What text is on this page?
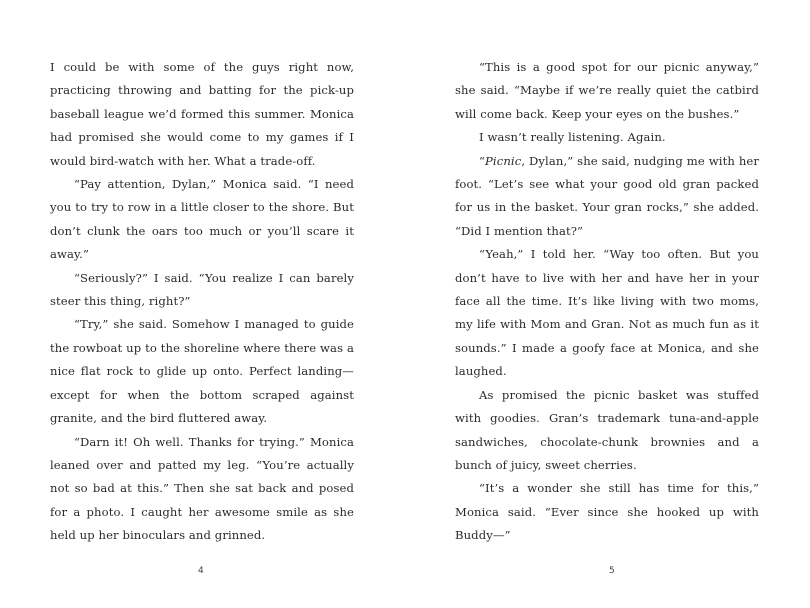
I could be with some of the guys right now, practicing throwing and batting for the pick-up baseball league we’d formed this summer. Monica had promised she would come to my games if I would bird-watch with her. What a trade-off.

“Pay attention, Dylan,” Monica said. “I need you to try to row in a little closer to the shore. But don’t clunk the oars too much or you’ll scare it away.”

“Seriously?” I said. “You realize I can barely steer this thing, right?”

“Try,” she said. Somehow I managed to guide the rowboat up to the shoreline where there was a nice flat rock to glide up onto. Perfect landing—except for when the bottom scraped against granite, and the bird fluttered away.

“Darn it! Oh well. Thanks for trying.” Monica leaned over and patted my leg. “You’re actually not so bad at this.” Then she sat back and posed for a photo. I caught her awesome smile as she held up her binoculars and grinned.

4

“This is a good spot for our picnic anyway,” she said. “Maybe if we’re really quiet the catbird will come back. Keep your eyes on the bushes.”

I wasn’t really listening. Again.

“Picnic, Dylan,” she said, nudging me with her foot. “Let’s see what your good old gran packed for us in the basket. Your gran rocks,” she added. “Did I mention that?”

“Yeah,” I told her. “Way too often. But you don’t have to live with her and have her in your face all the time. It’s like living with two moms, my life with Mom and Gran. Not as much fun as it sounds.” I made a goofy face at Monica, and she laughed.

As promised the picnic basket was stuffed with goodies. Gran’s trademark tuna-and-apple sandwiches, chocolate-chunk brownies and a bunch of juicy, sweet cherries.

“It’s a wonder she still has time for this,” Monica said. “Ever since she hooked up with Buddy—”

5
